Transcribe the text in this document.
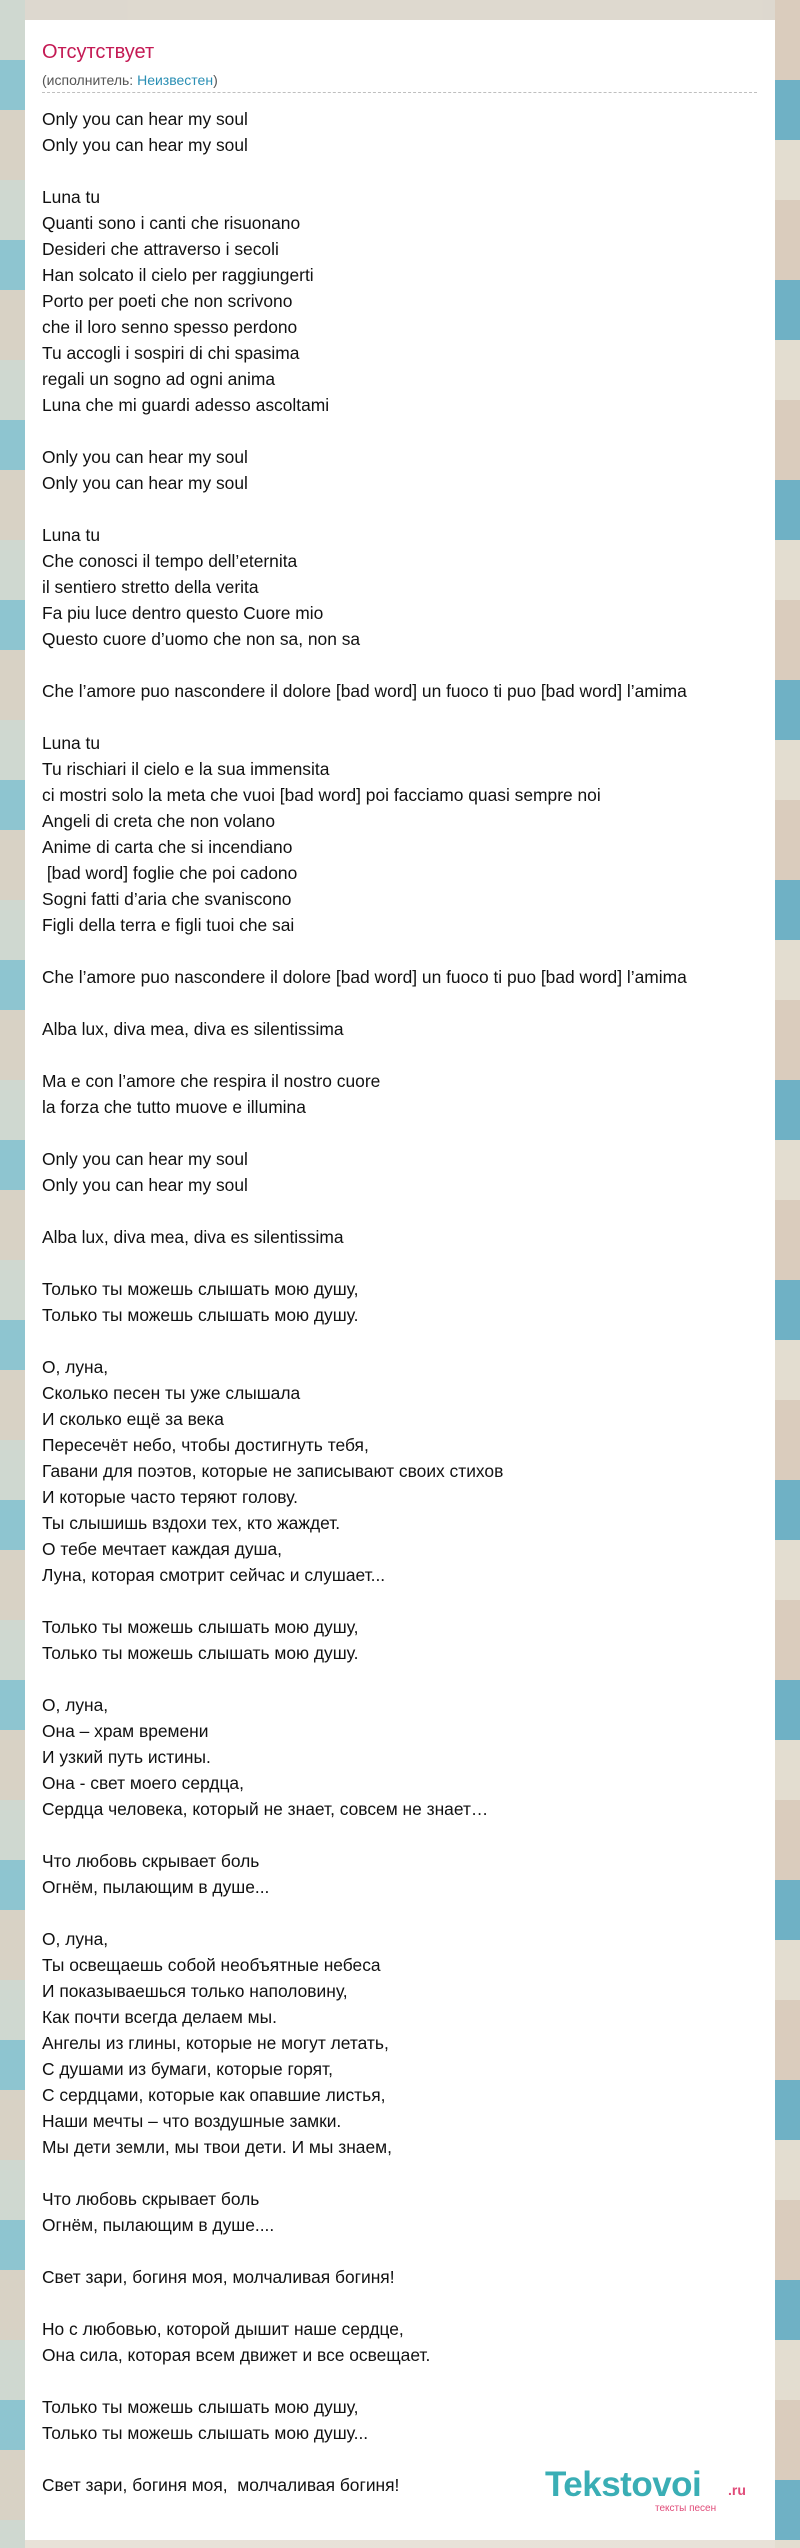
Отсутствует
(исполнитель: Неизвестен)
Only you can hear my soul
Only you can hear my soul
Luna tu
Quanti sono i canti che risuonano
Desideri che attraverso i secoli
Han solcato il cielo per raggiungerti
Porto per poeti che non scrivono
che il loro senno spesso perdono
Tu accogli i sospiri di chi spasima
regali un sogno ad ogni anima
Luna che mi guardi adesso ascoltami
Only you can hear my soul
Only you can hear my soul
Luna tu
Che conosci il tempo dell’eternita
il sentiero stretto della verita
Fa piu luce dentro questo Cuore mio
Questo cuore d’uomo che non sa, non sa
Che l’amore puo nascondere il dolore [bad word] un fuoco ti puo [bad word] l’amima
Luna tu
Tu rischiari il cielo e la sua immensita
ci mostri solo la meta che vuoi [bad word] poi facciamo quasi sempre noi
Angeli di creta che non volano
Anime di carta che si incendiano
[bad word] foglie che poi cadono
Sogni fatti d’aria che svaniscono
Figli della terra e figli tuoi che sai
Che l’amore puo nascondere il dolore [bad word] un fuoco ti puo [bad word] l’amima
Alba lux, diva mea, diva es silentissima
Ma e con l’amore che respira il nostro cuore
la forza che tutto muove e illumina
Only you can hear my soul
Only you can hear my soul
Alba lux, diva mea, diva es silentissima
Только ты можешь слышать мою душу,
Только ты можешь слышать мою душу.
О, луна,
Сколько песен ты уже слышала
И сколько ещё за века
Пересечёт небо, чтобы достигнуть тебя,
Гавани для поэтов, которые не записывают своих стихов
И которые часто теряют голову.
Ты слышишь вздохи тех, кто жаждет.
О тебе мечтает каждая душа,
Луна, которая смотрит сейчас и слушает...
Только ты можешь слышать мою душу,
Только ты можешь слышать мою душу.
О, луна,
Она – храм времени
И узкий путь истины.
Она - свет моего сердца,
Сердца человека, который не знает, совсем не знает…
Что любовь скрывает боль
Огнём, пылающим в душе...
О, луна,
Ты освещаешь собой необъятные небеса
И показываешься только наполовину,
Как почти всегда делаем мы.
Ангелы из глины, которые не могут летать,
С душами из бумаги, которые горят,
С сердцами, которые как опавшие листья,
Наши мечты – что воздушные замки.
Мы дети земли, мы твои дети. И мы знаем,
Что любовь скрывает боль
Огнём, пылающим в душе....
Свет зари, богиня моя, молчаливая богиня!
Но с любовью, которой дышит наше сердце,
Она сила, которая всем движет и все освещает.
Только ты можешь слышать мою душу,
Только ты можешь слышать мою душу...
Свет зари, богиня моя,  молчаливая богиня!	Tekstovoi .ru
тексты песен
